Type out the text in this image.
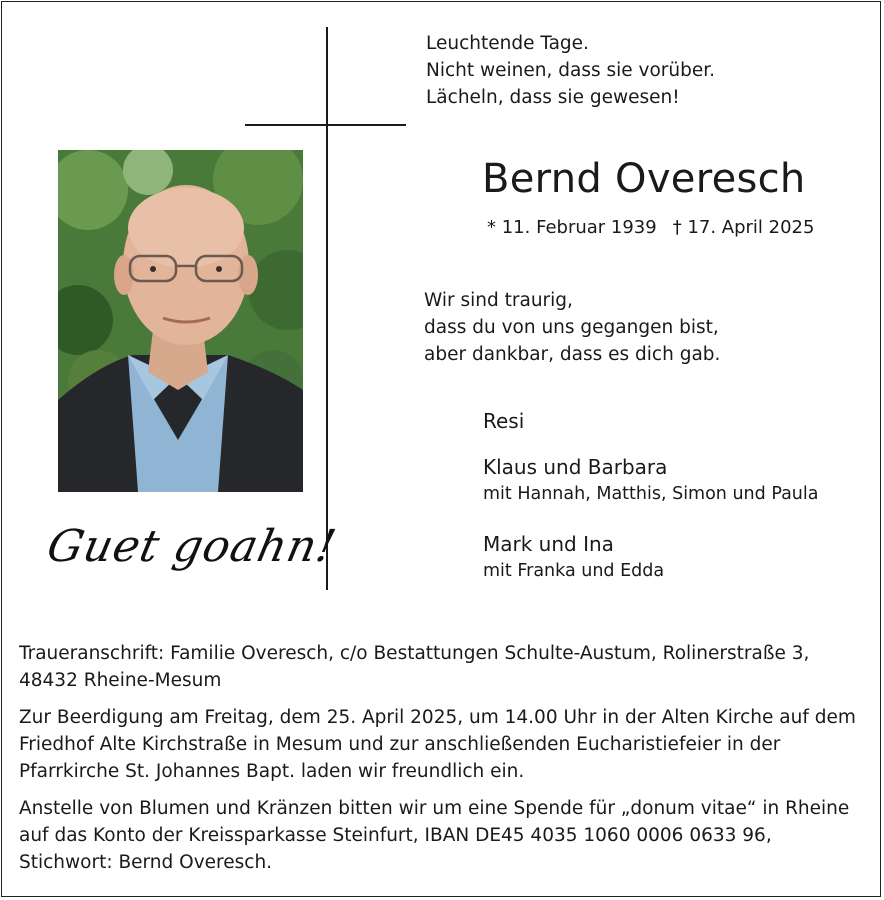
Leuchtende Tage.
Nicht weinen, dass sie vorüber.
Lächeln, dass sie gewesen!
Guet goahn!
Bernd Overesch
* 11. Februar 1939 † 17. April 2025
Wir sind traurig,
dass du von uns gegangen bist,
aber dankbar, dass es dich gab.
Resi
Klaus und Barbara
mit Hannah, Matthis, Simon und Paula
Mark und Ina
mit Franka und Edda

Traueranschrift: Familie Overesch, c/o Bestattungen Schulte-Austum, Rolinerstraße 3, 48432 Rheine-Mesum

Zur Beerdigung am Freitag, dem 25. April 2025, um 14.00 Uhr in der Alten Kirche auf dem Friedhof Alte Kirchstraße in Mesum und zur anschließenden Eucharistiefeier in der Pfarrkirche St. Johannes Bapt. laden wir freundlich ein.

Anstelle von Blumen und Kränzen bitten wir um eine Spende für „donum vitae“ in Rheine auf das Konto der Kreissparkasse Steinfurt, IBAN DE45 4035 1060 0006 0633 96, Stichwort: Bernd Overesch.
